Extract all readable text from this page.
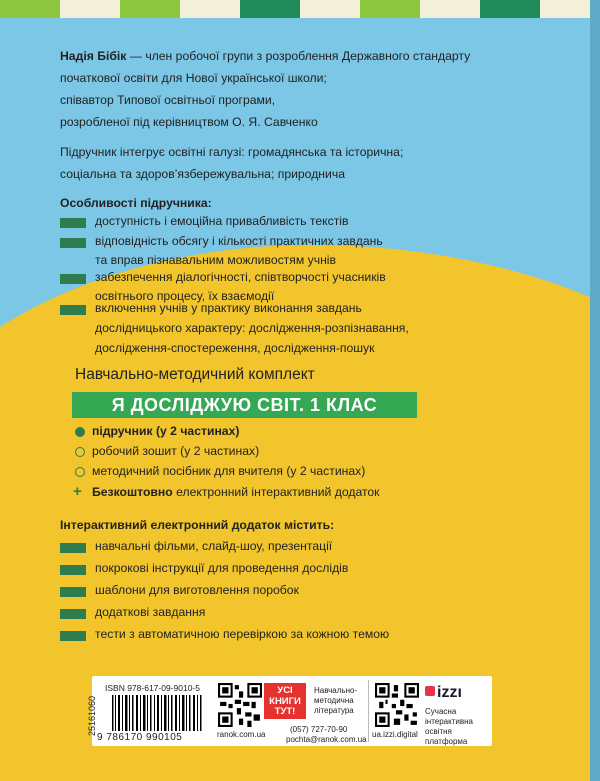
Надія Бібік — член робочої групи з розроблення Державного стандарту
початкової освіти для Нової української школи;
співавтор Типової освітньої програми,
розробленої під керівництвом О. Я. Савченко
Підручник інтегрує освітні галузі: громадянська та історична;
соціальна та здоров’язбережувальна; природнича
Особливості підручника:
доступність і емоційна привабливість текстів
відповідність обсягу і кількості практичних завдань
та вправ пізнавальним можливостям учнів
забезпечення діалогічності, співтворчості учасників
освітнього процесу, їх взаємодії
включення учнів у практику виконання завдань
дослідницького характеру: дослідження-розпізнавання,
дослідження-спостереження, дослідження-пошук
Навчально-методичний комплект
Я ДОСЛІДЖУЮ СВІТ. 1 КЛАС
підручник (у 2 частинах)
робочий зошит (у 2 частинах)
методичний посібник для вчителя (у 2 частинах)
+ Безкоштовно електронний інтерактивний додаток
Інтерактивний електронний додаток містить:
навчальні фільми, слайд-шоу, презентації
покрокові інструкції для проведення дослідів
шаблони для виготовлення поробок
додаткові завдання
тести з автоматичною перевіркою за кожною темою
ISBN 978-617-09-9010-5
9 786170 990105
25161060	ranok.com.ua
УСІ
КНИГИ
ТУТ!
Навчально-
методична
література
(057) 727-70-90
pochta@ranok.com.ua
ua.izzi.digital
izzı
Сучасна
інтерактивна
освітня
платформа
